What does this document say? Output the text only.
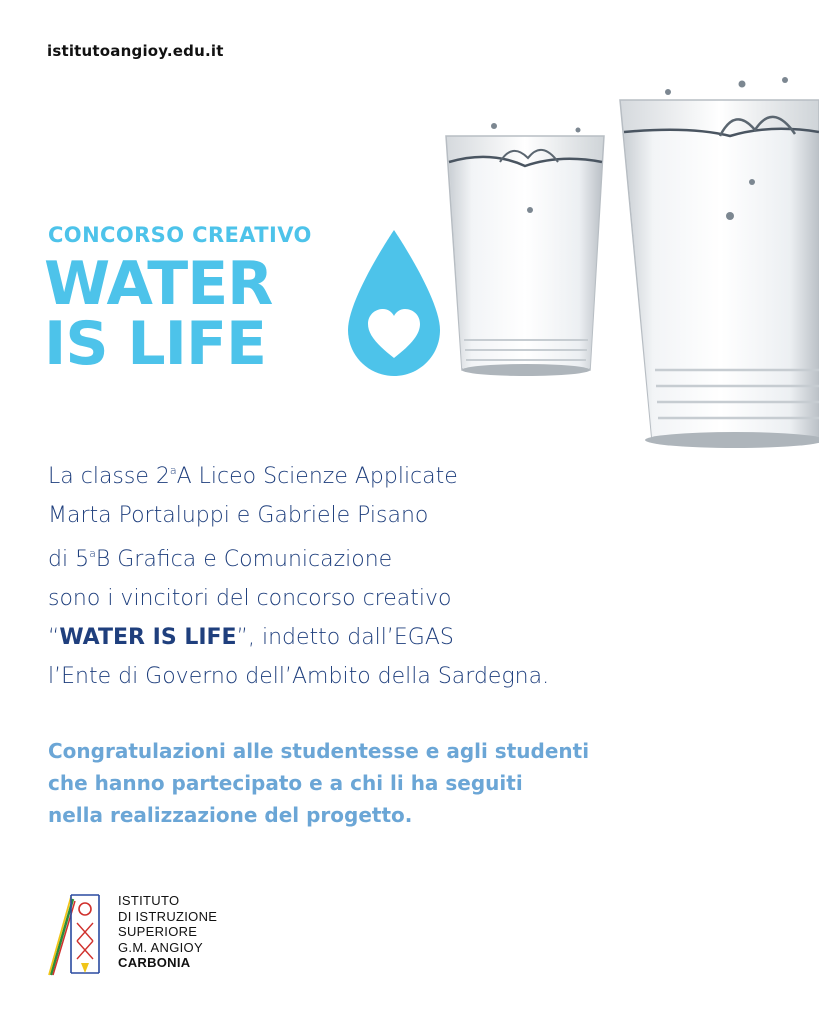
istitutoangioy.edu.it
CONCORSO CREATIVO
WATER
IS LIFE
La classe 2$^a$A Liceo Scienze Applicate
Marta Portaluppi e Gabriele Pisano
di 5$^a$B Grafica e Comunicazione
sono i vincitori del concorso creativo
“WATER IS LIFE”, indetto dall’EGAS
l’Ente di Governo dell’Ambito della Sardegna.
Congratulazioni alle studentesse e agli studenti
che hanno partecipato e a chi li ha seguiti
nella realizzazione del progetto.
ISTITUTO
DI ISTRUZIONE
SUPERIORE
G.M. ANGIOY
CARBONIA
